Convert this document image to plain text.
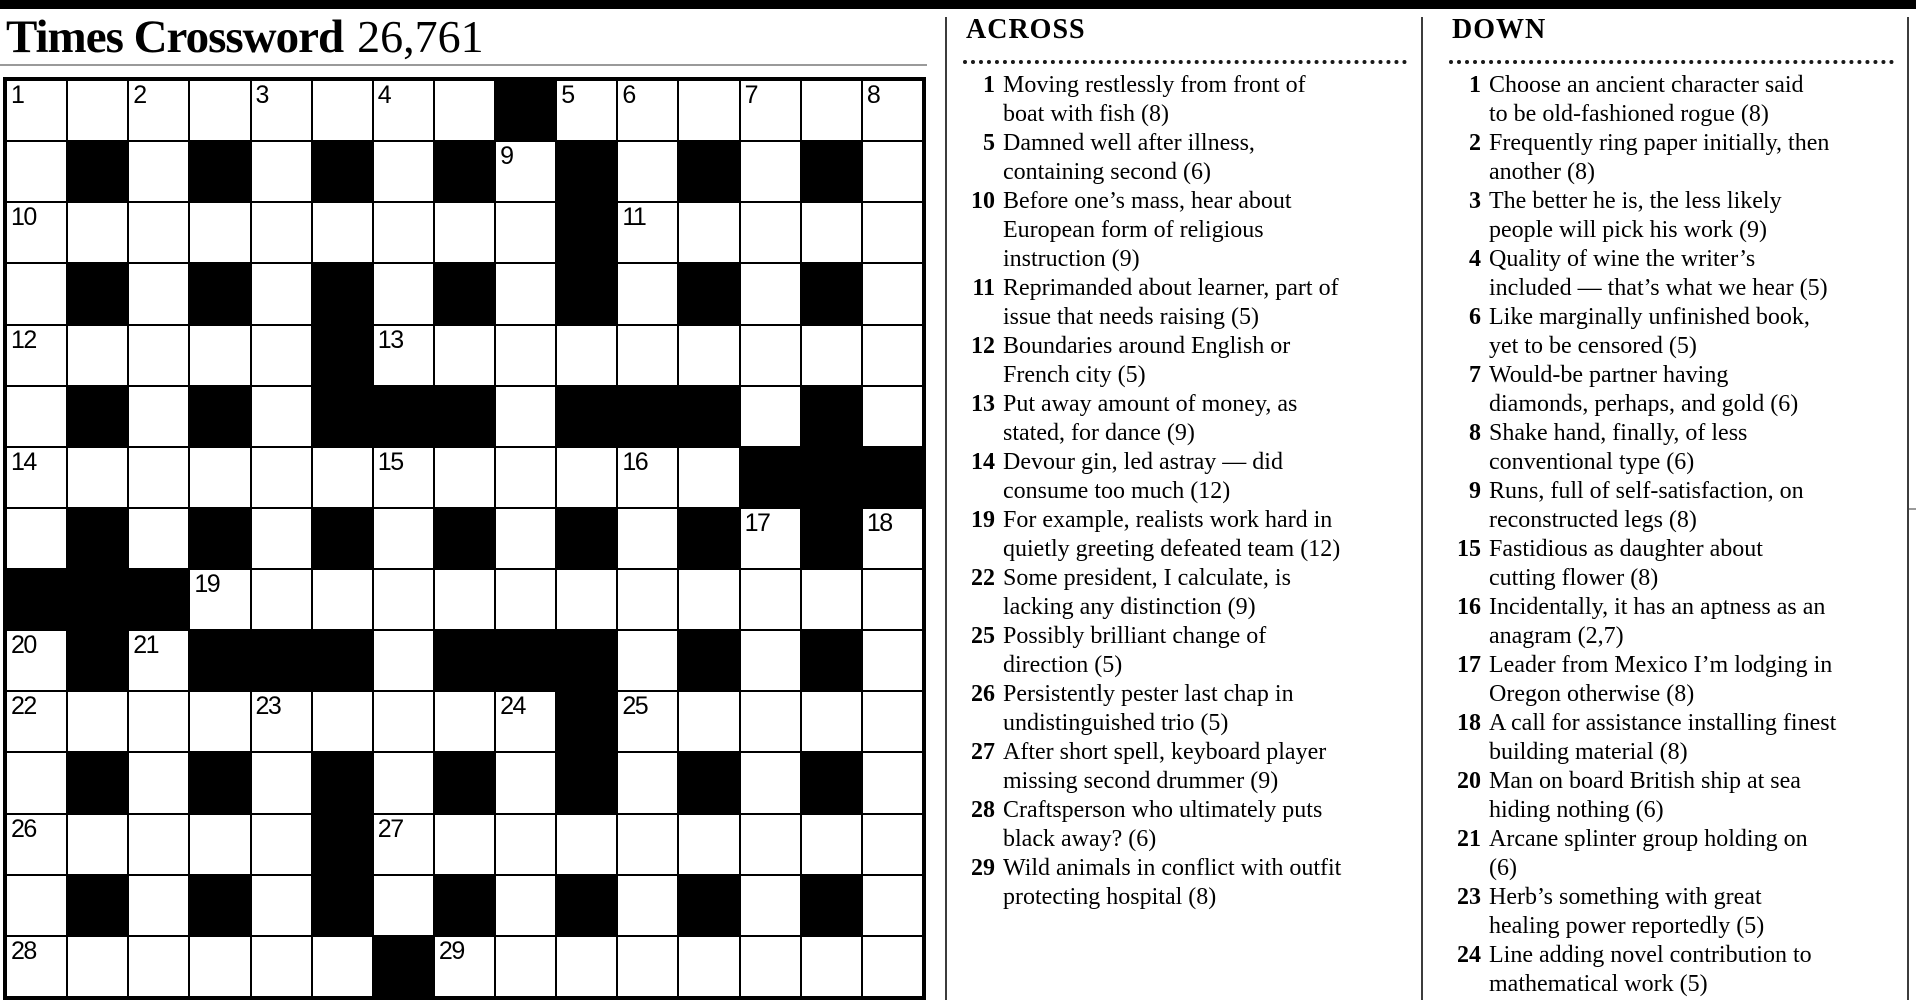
Times Crossword 26,761
1	2	3	4	5 6	7	8
9
10	11
12	13
14	15	16
17	18
19
20	21
22	23	24	25
26	27
28	29
ACROSS
1 Moving restlessly from front of
boat with fish (8)
5 Damned well after illness,
containing second (6)
10 Before one’s mass, hear about
European form of religious
instruction (9)
11 Reprimanded about learner, part of
issue that needs raising (5)
12 Boundaries around English or
French city (5)
13 Put away amount of money, as
stated, for dance (9)
14 Devour gin, led astray — did
consume too much (12)
19 For example, realists work hard in
quietly greeting defeated team (12)
22 Some president, I calculate, is
lacking any distinction (9)
25 Possibly brilliant change of
direction (5)
26 Persistently pester last chap in
undistinguished trio (5)
27 After short spell, keyboard player
missing second drummer (9)
28 Craftsperson who ultimately puts
black away? (6)
29 Wild animals in conflict with outfit
protecting hospital (8)
DOWN
1 Choose an ancient character said
to be old-fashioned rogue (8)
2 Frequently ring paper initially, then
another (8)
3 The better he is, the less likely
people will pick his work (9)
4 Quality of wine the writer’s
included — that’s what we hear (5)
6 Like marginally unfinished book,
yet to be censored (5)
7 Would-be partner having
diamonds, perhaps, and gold (6)
8 Shake hand, finally, of less
conventional type (6)
9 Runs, full of self-satisfaction, on
reconstructed legs (8)
15 Fastidious as daughter about
cutting flower (8)
16 Incidentally, it has an aptness as an
anagram (2,7)
17 Leader from Mexico I’m lodging in
Oregon otherwise (8)
18 A call for assistance installing finest
building material (8)
20 Man on board British ship at sea
hiding nothing (6)
21 Arcane splinter group holding on
(6)
23 Herb’s something with great
healing power reportedly (5)
24 Line adding novel contribution to
mathematical work (5)
